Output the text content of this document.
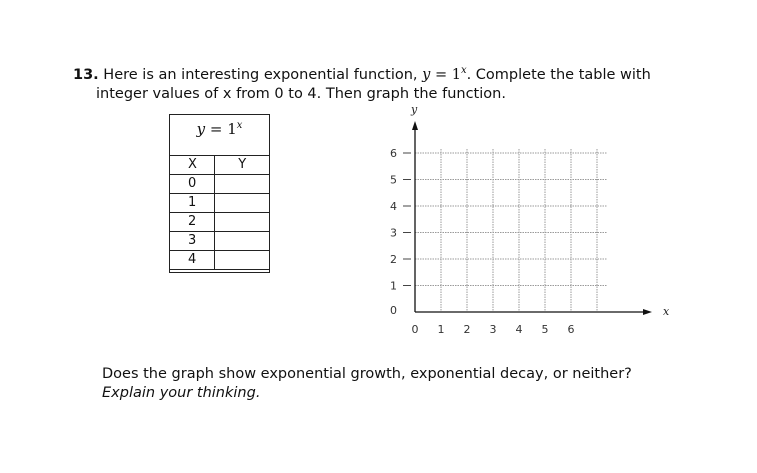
13. Here is an interesting exponential function, $y = 1^x$. Complete the table with
integer values of x from 0 to 4. Then graph the function.
$y = 1^x$
X	Y
0	
1	
2	
3	
4	
0 1 2 3 4 5 6
0
1
2
3
4
5
6
x
y
Does the graph show exponential growth, exponential decay, or neither?
Explain your thinking.
